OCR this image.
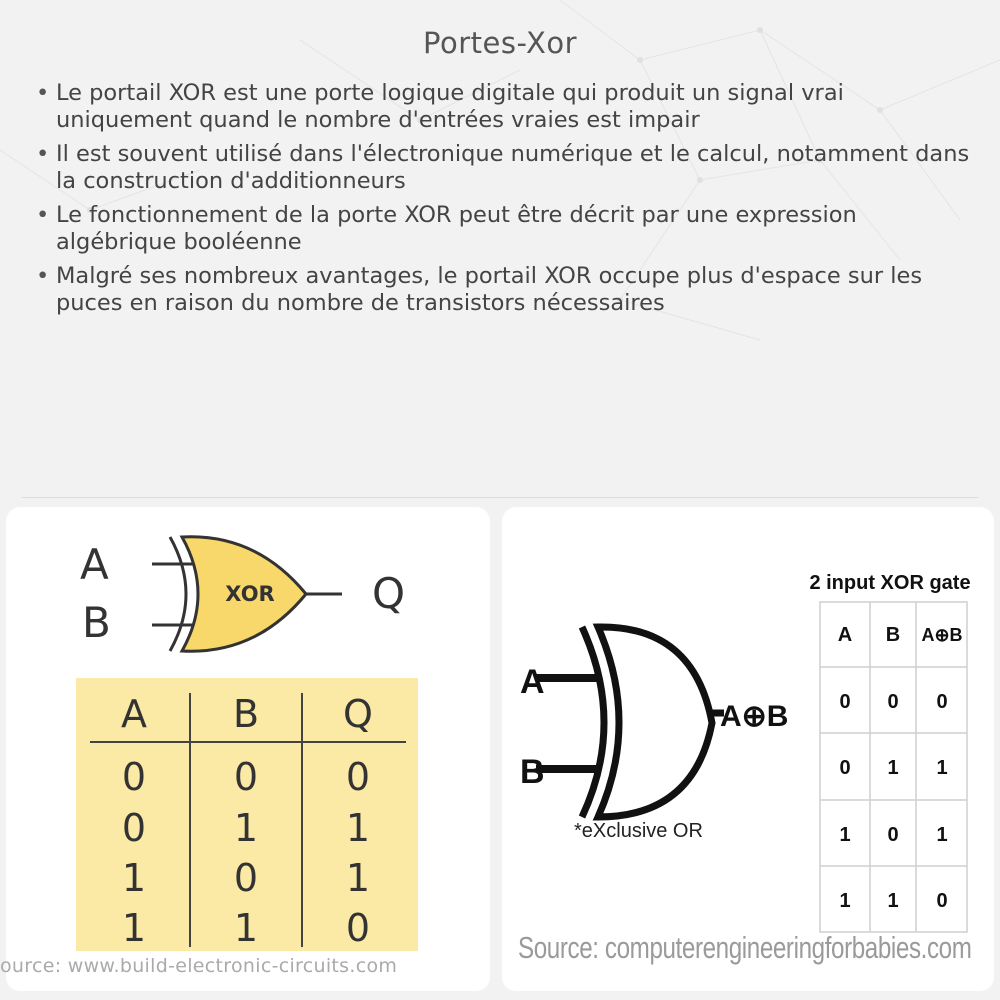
Portes-Xor
• Le portail XOR est une porte logique digitale qui produit un signal vrai uniquement quand le nombre d'entrées vraies est impair
• Il est souvent utilisé dans l'électronique numérique et le calcul, notamment dans la construction d'additionneurs
• Le fonctionnement de la porte XOR peut être décrit par une expression algébrique booléenne
• Malgré ses nombreux avantages, le portail XOR occupe plus d'espace sur les puces en raison du nombre de transistors nécessaires
A
B
XOR Q
A B Q
0 0 0
0 1 1
1 0 1
1 1 0
A
B
A⊕B
*eXclusive OR
2 input XOR gate
A B A⊕B
0 0 0
0 1 1
1 0 1
1 1 0
ource: www.build-electronic-circuits.com
Source: computerengineeringforbabies.com
